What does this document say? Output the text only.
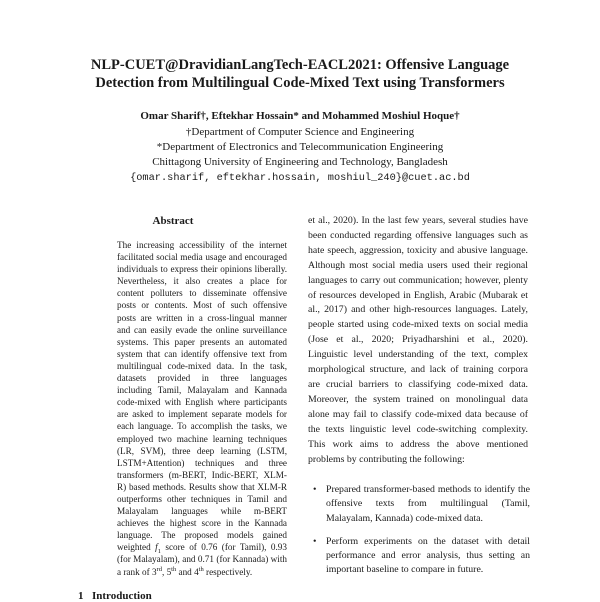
NLP-CUET@DravidianLangTech-EACL2021: Offensive Language
Detection from Multilingual Code-Mixed Text using Transformers
Omar Sharif†, Eftekhar Hossain* and Mohammed Moshiul Hoque†
†Department of Computer Science and Engineering
*Department of Electronics and Telecommunication Engineering
Chittagong University of Engineering and Technology, Bangladesh
{omar.sharif, eftekhar.hossain, moshiul_240}@cuet.ac.bd
Abstract
The increasing accessibility of the internet facilitated social media usage and encouraged individuals to express their opinions liberally. Nevertheless, it also creates a place for content polluters to disseminate offensive posts or contents. Most of such offensive posts are written in a cross-lingual manner and can easily evade the online surveillance systems. This paper presents an automated system that can identify offensive text from multilingual code-mixed data. In the task, datasets provided in three languages including Tamil, Malayalam and Kannada code-mixed with English where participants are asked to implement separate models for each language. To accomplish the tasks, we employed two machine learning techniques (LR, SVM), three deep learning (LSTM, LSTM+Attention) techniques and three transformers (m-BERT, Indic-BERT, XLM-R) based methods. Results show that XLM-R outperforms other techniques in Tamil and Malayalam languages while m-BERT achieves the highest score in the Kannada language. The proposed models gained weighted $f_1$ score of 0.76 (for Tamil), 0.93 (for Malayalam), and 0.71 (for Kannada) with a rank of 3rd, 5th and 4th respectively.
et al., 2020). In the last few years, several studies have been conducted regarding offensive languages such as hate speech, aggression, toxicity and abusive language. Although most social media users used their regional languages to carry out communication; however, plenty of resources developed in English, Arabic (Mubarak et al., 2017) and other high-resources languages. Lately, people started using code-mixed texts on social media (Jose et al., 2020; Priyadharshini et al., 2020). Linguistic level understanding of the text, complex morphological structure, and lack of training corpora are crucial barriers to classifying code-mixed data. Moreover, the system trained on monolingual data alone may fail to classify code-mixed data because of the texts linguistic level code-switching complexity. This work aims to address the above mentioned problems by contributing the following:
• Prepared transformer-based methods to identify the offensive texts from multilingual (Tamil, Malayalam, Kannada) code-mixed data.
• Perform experiments on the dataset with detail performance and error analysis, thus setting an important baseline to compare in future.
1 Introduction
